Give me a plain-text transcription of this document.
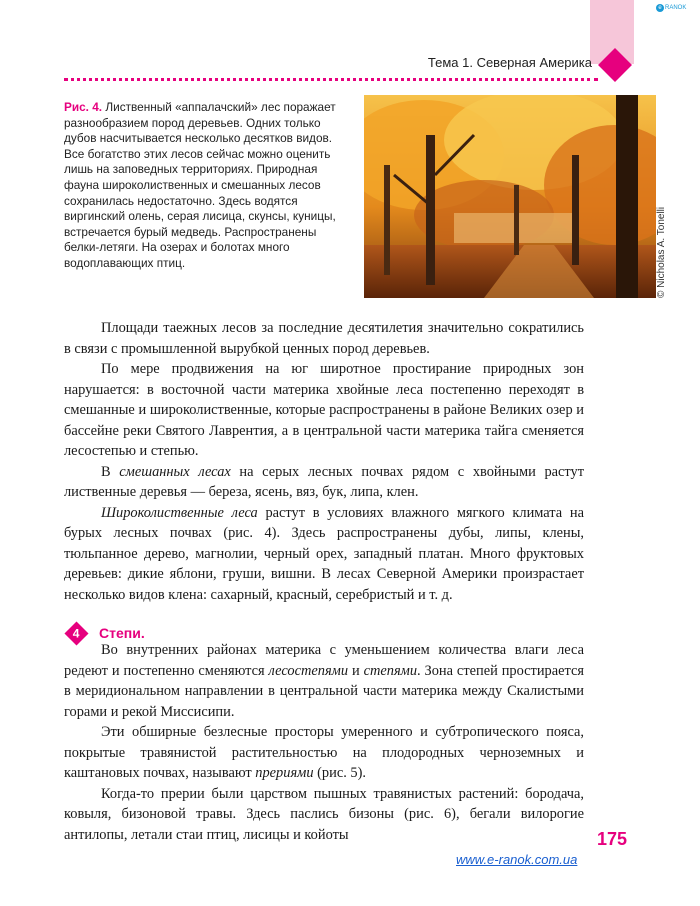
е RANOK
Тема 1. Северная Америка
Рис. 4. Лиственный «аппалачский» лес поражает разнообразием пород деревьев. Одних только дубов насчитывается несколько десятков видов. Все богатство этих лесов сейчас можно оценить лишь на заповедных территориях. Природная фауна широколиственных и смешанных лесов сохранилась недостаточно. Здесь водятся виргинский олень, серая лисица, скунсы, куницы, встречается бурый медведь. Распространены белки-летяги. На озерах и болотах много водоплавающих птиц.	© Nicholas A. Tonelli

Площади таежных лесов за последние десятилетия значительно сократились в связи с промышленной вырубкой ценных пород деревьев.

По мере продвижения на юг широтное простирание природных зон нарушается: в восточной части материка хвойные леса постепенно переходят в смешанные и широколиственные, которые распространены в районе Великих озер и бассейне реки Святого Лаврентия, а в центральной части материка тайга сменяется лесостепью и степью.

В смешанных лесах на серых лесных почвах рядом с хвойными растут лиственные деревья — береза, ясень, вяз, бук, липа, клен.

Широколиственные леса растут в условиях влажного мягкого климата на бурых лесных почвах (рис. 4). Здесь распространены дубы, липы, клены, тюльпанное дерево, магнолии, черный орех, западный платан. Много фруктовых деревьев: дикие яблони, груши, вишни. В лесах Северной Америки произрастает несколько видов клена: сахарный, красный, серебристый и т. д.

4 Степи.

Во внутренних районах материка с уменьшением количества влаги леса редеют и постепенно сменяются лесостепями и степями. Зона степей простирается в меридиональном направлении в центральной части материка между Скалистыми горами и рекой Миссисипи.

Эти обширные безлесные просторы умеренного и субтропического пояса, покрытые травянистой растительностью на плодородных черноземных и каштановых почвах, называют прериями (рис. 5).

Когда-то прерии были царством пышных травянистых растений: бородача, ковыля, бизоновой травы. Здесь паслись бизоны (рис. 6), бегали вилорогие антилопы, летали стаи птиц, лисицы и койоты	175
www.e-ranok.com.ua
